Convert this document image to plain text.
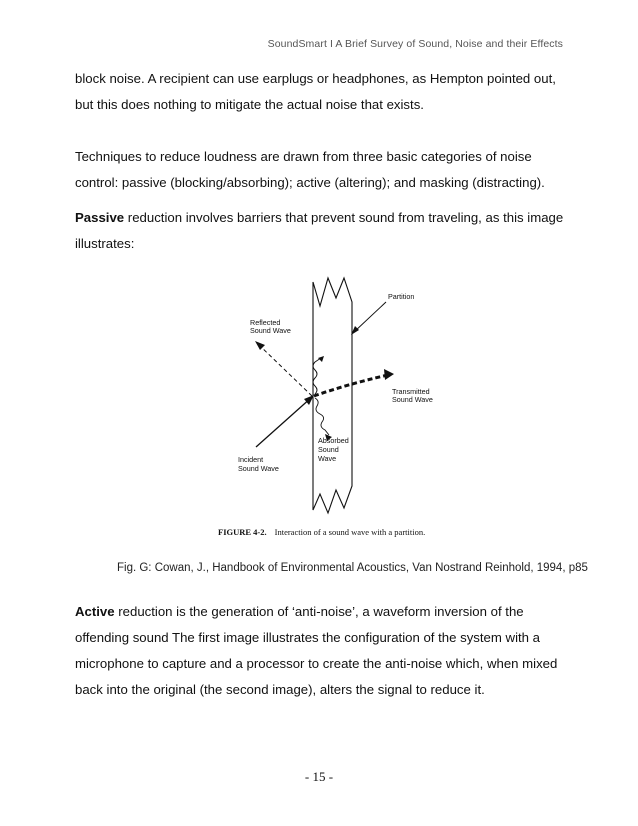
SoundSmart I A Brief Survey of Sound, Noise and their Effects

block noise. A recipient can use earplugs or headphones, as Hempton pointed out, but this does nothing to mitigate the actual noise that exists.

Techniques to reduce loudness are drawn from three basic categories of noise control: passive (blocking/absorbing); active (altering); and masking (distracting).

Passive reduction involves barriers that prevent sound from traveling, as this image illustrates:

Partition
Reflected
Sound Wave
Transmitted
Sound Wave
Absorbed
Sound
Wave
Incident
Sound Wave
FIGURE 4-2. Interaction of a sound wave with a partition.
Fig. G: Cowan, J., Handbook of Environmental Acoustics, Van Nostrand Reinhold, 1994, p85

Active reduction is the generation of ‘anti-noise’, a waveform inversion of the offending sound The first image illustrates the configuration of the system with a microphone to capture and a processor to create the anti-noise which, when mixed back into the original (the second image), alters the signal to reduce it.

- 15 -
